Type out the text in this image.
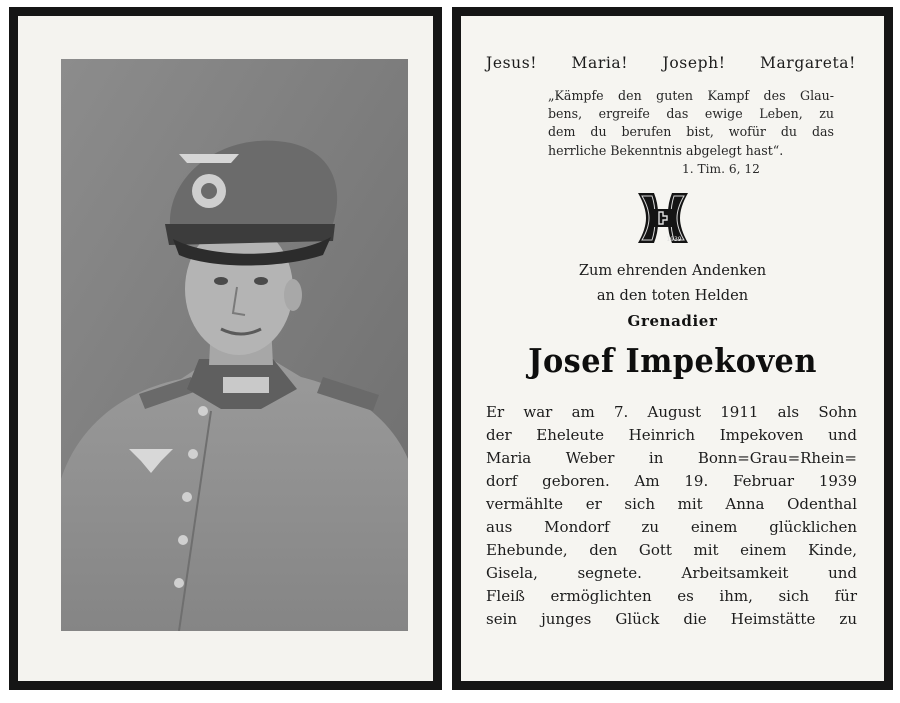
Jesus! Maria! Joseph! Margareta!
„Kämpfe den guten Kampf des Glau-
bens, ergreife das ewige Leben, zu
dem du berufen bist, wofür du das
herrliche Bekenntnis abgelegt hast“.
1. Tim. 6, 12
1939
Zum ehrenden Andenken
an den toten Helden
Grenadier
Josef Impekoven
Er war am 7. August 1911 als Sohn
der Eheleute Heinrich Impekoven und
Maria Weber in Bonn=Grau=Rhein=
dorf geboren. Am 19. Februar 1939
vermählte er sich mit Anna Odenthal
aus Mondorf zu einem glücklichen
Ehebunde, den Gott mit einem Kinde,
Gisela, segnete. Arbeitsamkeit und
Fleiß ermöglichten es ihm, sich für
sein junges Glück die Heimstätte zu
